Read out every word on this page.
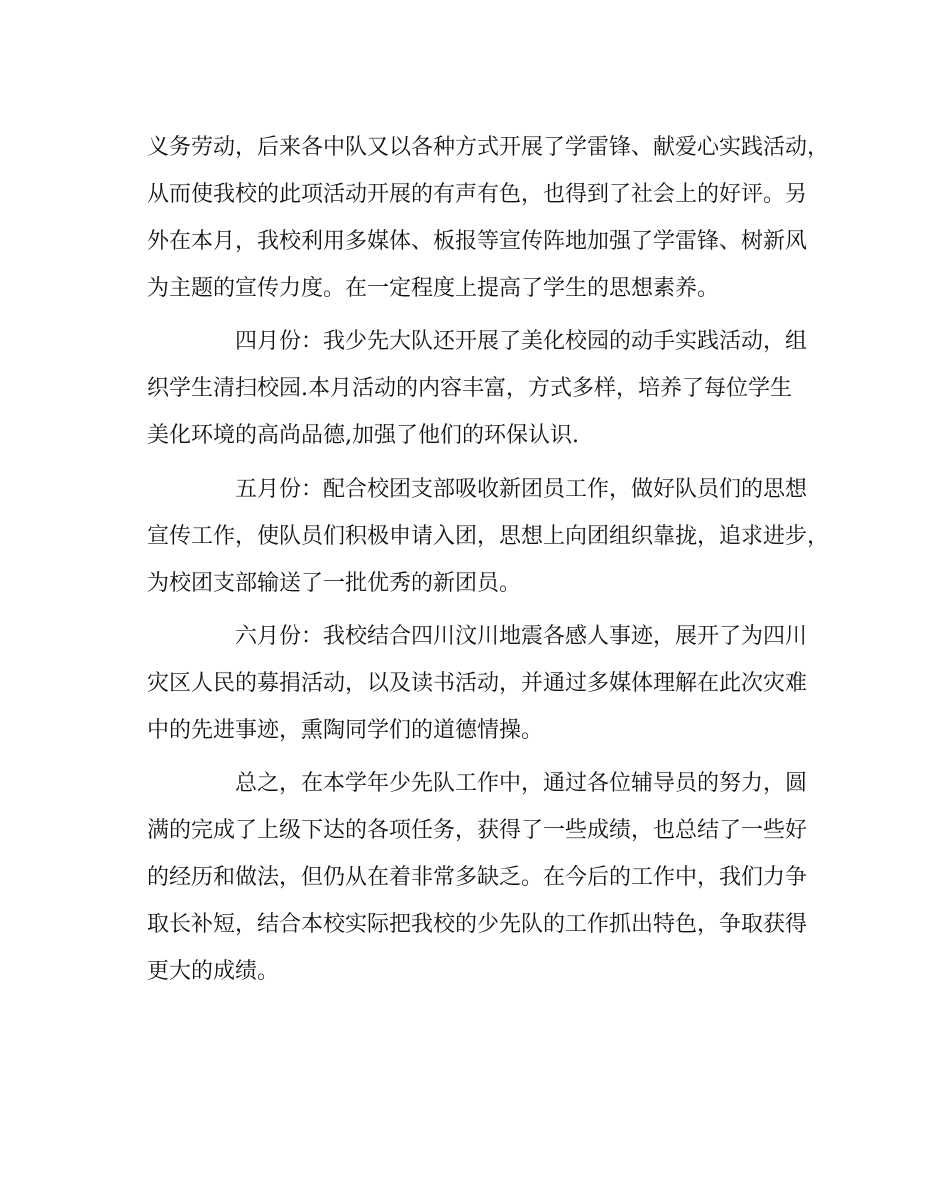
义务劳动，后来各中队又以各种方式开展了学雷锋、献爱心实践活动，

从而使我校的此项活动开展的有声有色，也得到了社会上的好评。另

外在本月，我校利用多媒体、板报等宣传阵地加强了学雷锋、树新风

为主题的宣传力度。在一定程度上提高了学生的思想素养。

四月份：我少先大队还开展了美化校园的动手实践活动，组

织学生清扫校园.本月活动的内容丰富，方式多样，培养了每位学生

美化环境的高尚品德,加强了他们的环保认识.

五月份：配合校团支部吸收新团员工作，做好队员们的思想

宣传工作，使队员们积极申请入团，思想上向团组织靠拢，追求进步，

为校团支部输送了一批优秀的新团员。

六月份：我校结合四川汶川地震各感人事迹，展开了为四川

灾区人民的募捐活动，以及读书活动，并通过多媒体理解在此次灾难

中的先进事迹，熏陶同学们的道德情操。

总之，在本学年少先队工作中，通过各位辅导员的努力，圆

满的完成了上级下达的各项任务，获得了一些成绩，也总结了一些好

的经历和做法，但仍从在着非常多缺乏。在今后的工作中，我们力争

取长补短，结合本校实际把我校的少先队的工作抓出特色，争取获得

更大的成绩。
